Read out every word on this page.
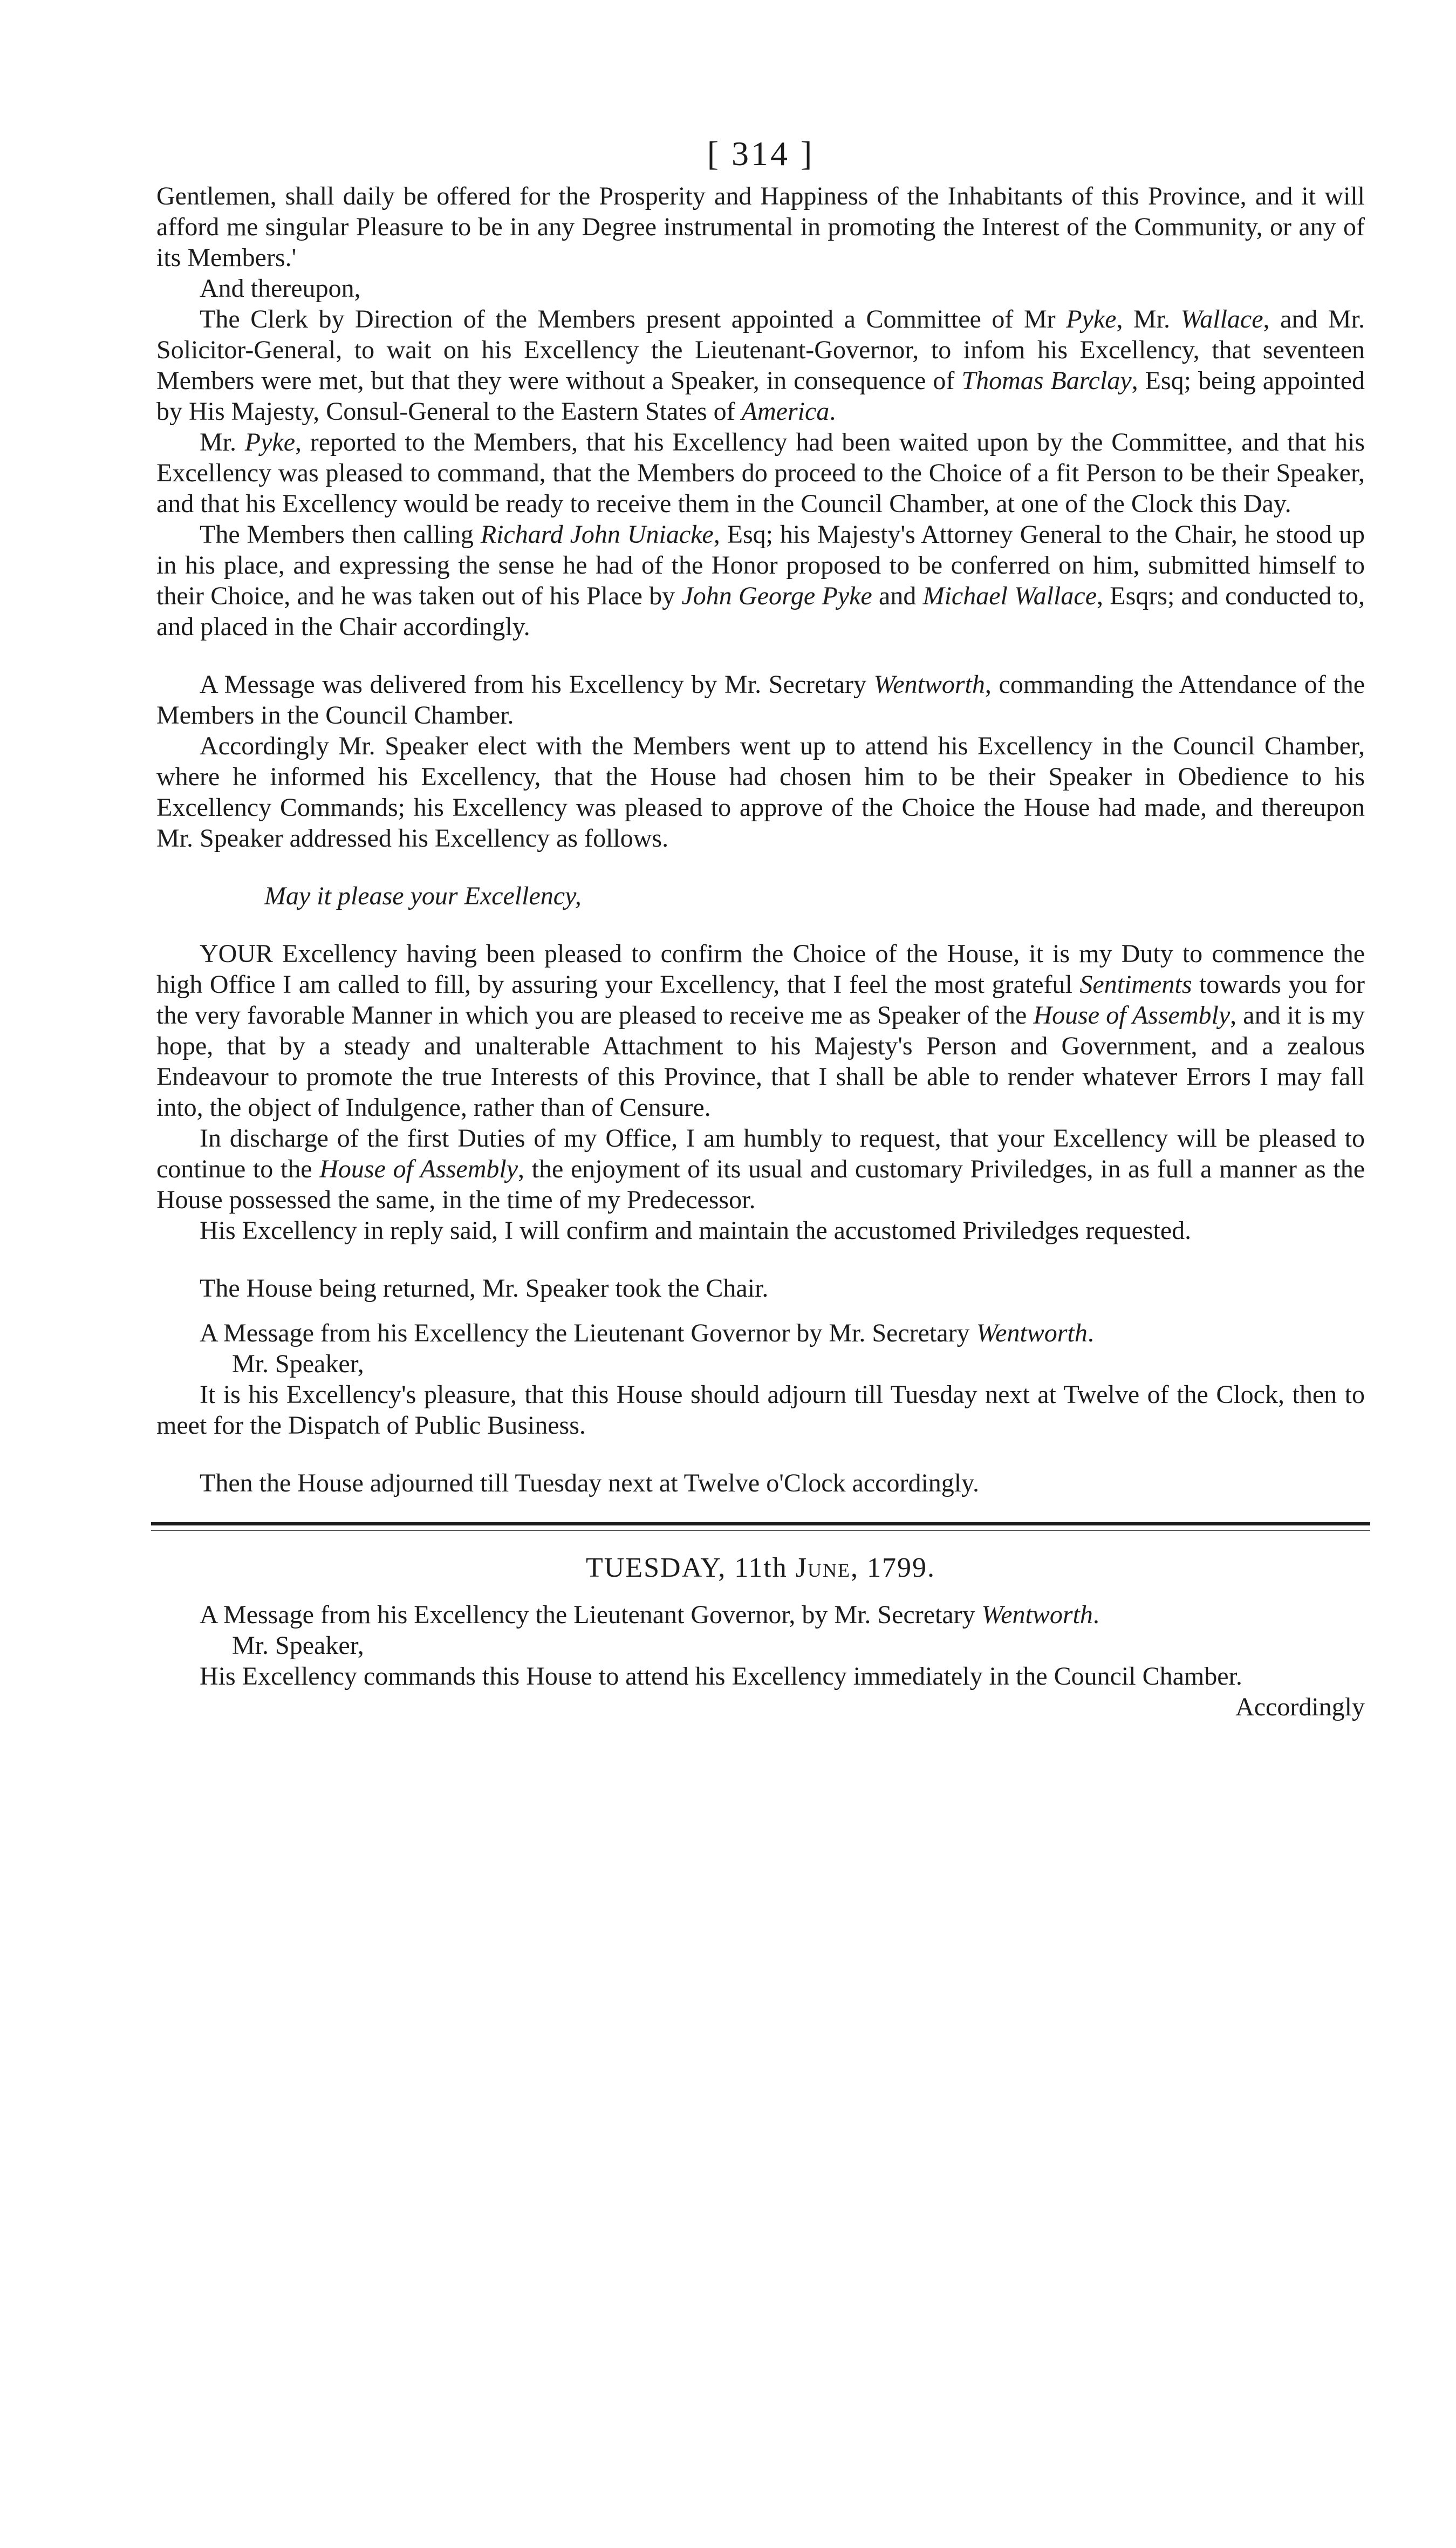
[ 314 ]

Gentlemen, shall daily be offered for the Prosperity and Happiness of the Inhabitants of this Province, and it will afford me singular Pleasure to be in any Degree instrumental in promoting the Interest of the Community, or any of its Members.'

And thereupon,

The Clerk by Direction of the Members present appointed a Committee of Mr Pyke, Mr. Wallace, and Mr. Solicitor-General, to wait on his Excellency the Lieutenant-Governor, to infom his Excellency, that seventeen Members were met, but that they were without a Speaker, in consequence of Thomas Barclay, Esq; being appointed by His Majesty, Consul-General to the Eastern States of America.

Mr. Pyke, reported to the Members, that his Excellency had been waited upon by the Committee, and that his Excellency was pleased to command, that the Members do proceed to the Choice of a fit Person to be their Speaker, and that his Excellency would be ready to receive them in the Council Chamber, at one of the Clock this Day.

The Members then calling Richard John Uniacke, Esq; his Majesty's Attorney General to the Chair, he stood up in his place, and expressing the sense he had of the Honor proposed to be conferred on him, submitted himself to their Choice, and he was taken out of his Place by John George Pyke and Michael Wallace, Esqrs; and conducted to, and placed in the Chair accordingly.

A Message was delivered from his Excellency by Mr. Secretary Wentworth, commanding the Attendance of the Members in the Council Chamber.

Accordingly Mr. Speaker elect with the Members went up to attend his Excellency in the Council Chamber, where he informed his Excellency, that the House had chosen him to be their Speaker in Obedience to his Excellency Commands; his Excellency was pleased to approve of the Choice the House had made, and thereupon Mr. Speaker addressed his Excellency as follows.

May it please your Excellency,

YOUR Excellency having been pleased to confirm the Choice of the House, it is my Duty to commence the high Office I am called to fill, by assuring your Excellency, that I feel the most grateful Sentiments towards you for the very favorable Manner in which you are pleased to receive me as Speaker of the House of Assembly, and it is my hope, that by a steady and unalterable Attachment to his Majesty's Person and Government, and a zealous Endeavour to promote the true Interests of this Province, that I shall be able to render whatever Errors I may fall into, the object of Indulgence, rather than of Censure.

In discharge of the first Duties of my Office, I am humbly to request, that your Excellency will be pleased to continue to the House of Assembly, the enjoyment of its usual and customary Priviledges, in as full a manner as the House possessed the same, in the time of my Predecessor.

His Excellency in reply said, I will confirm and maintain the accustomed Priviledges requested.

The House being returned, Mr. Speaker took the Chair.

A Message from his Excellency the Lieutenant Governor by Mr. Secretary Wentworth.

Mr. Speaker,

It is his Excellency's pleasure, that this House should adjourn till Tuesday next at Twelve of the Clock, then to meet for the Dispatch of Public Business.

Then the House adjourned till Tuesday next at Twelve o'Clock accordingly.

TUESDAY, 11th June, 1799.

A Message from his Excellency the Lieutenant Governor, by Mr. Secretary Wentworth.

Mr. Speaker,

His Excellency commands this House to attend his Excellency immediately in the Council Chamber.

Accordingly
